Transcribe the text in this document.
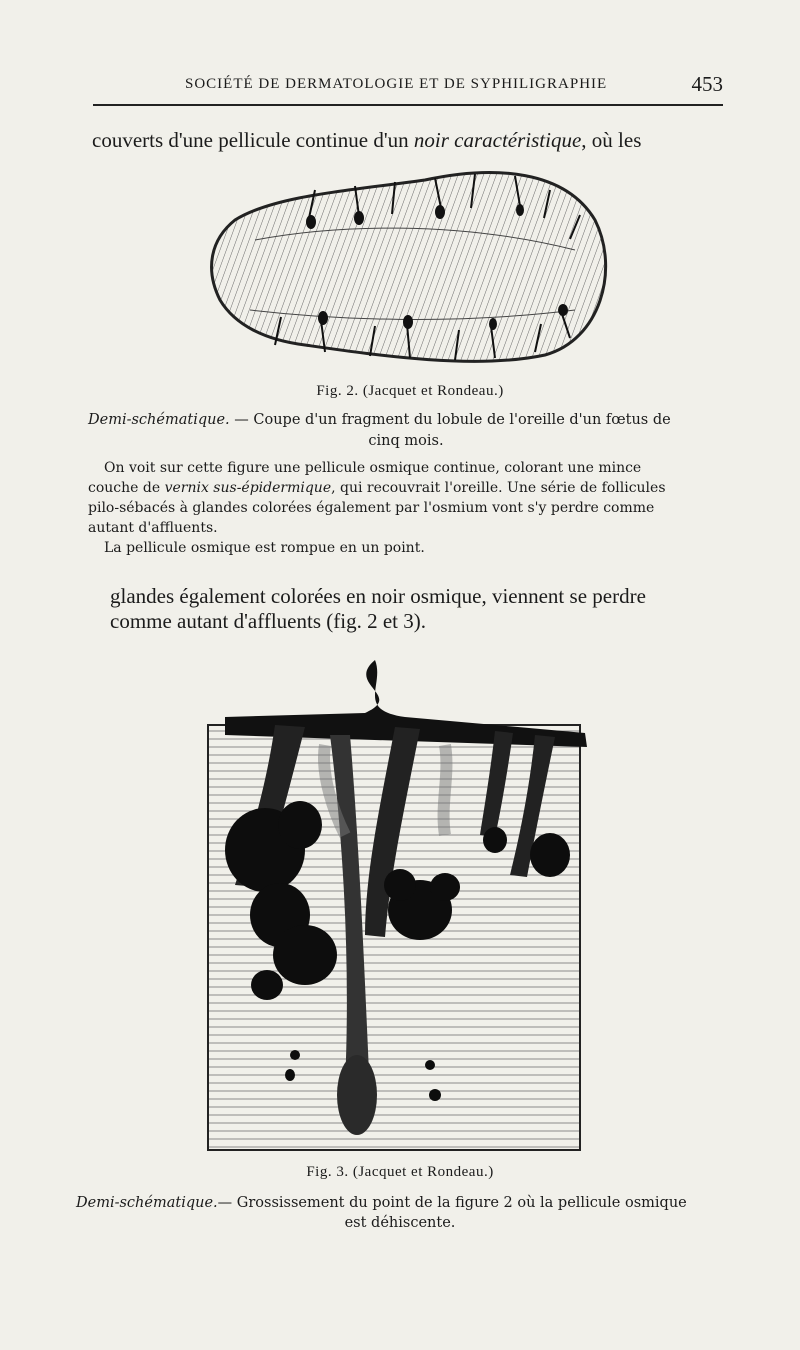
SOCIÉTÉ DE DERMATOLOGIE ET DE SYPHILIGRAPHIE	453
couverts d'une pellicule continue d'un noir caractéristique, où les
Fig. 2. (Jacquet et Rondeau.)
Demi-schématique. — Coupe d'un fragment du lobule de l'oreille d'un fœtus de
cinq mois.
On voit sur cette figure une pellicule osmique continue, colorant une mince
couche de vernix sus-épidermique, qui recouvrait l'oreille. Une série de follicules
pilo-sébacés à glandes colorées également par l'osmium vont s'y perdre comme
autant d'affluents.
La pellicule osmique est rompue en un point.
glandes également colorées en noir osmique, viennent se perdre
comme autant d'affluents (fig. 2 et 3).
Fig. 3. (Jacquet et Rondeau.)
Demi-schématique.— Grossissement du point de la figure 2 où la pellicule osmique
est déhiscente.
